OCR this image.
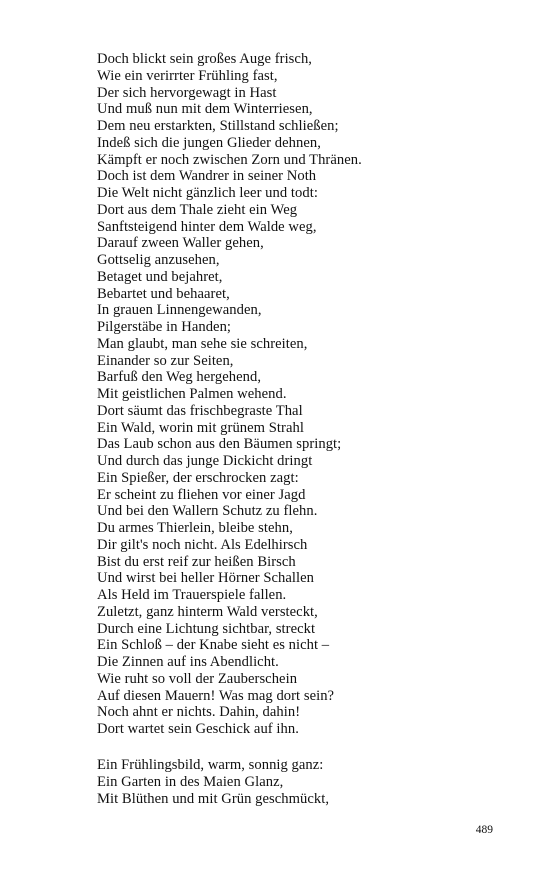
Doch blickt sein großes Auge frisch,
Wie ein verirrter Frühling fast,
Der sich hervorgewagt in Hast
Und muß nun mit dem Winterriesen,
Dem neu erstarkten, Stillstand schließen;
Indeß sich die jungen Glieder dehnen,
Kämpft er noch zwischen Zorn und Thränen.
Doch ist dem Wandrer in seiner Noth
Die Welt nicht gänzlich leer und todt:
Dort aus dem Thale zieht ein Weg
Sanftsteigend hinter dem Walde weg,
Darauf zween Waller gehen,
Gottselig anzusehen,
Betaget und bejahret,
Bebartet und behaaret,
In grauen Linnengewanden,
Pilgerstäbe in Handen;
Man glaubt, man sehe sie schreiten,
Einander so zur Seiten,
Barfuß den Weg hergehend,
Mit geistlichen Palmen wehend.
Dort säumt das frischbegraste Thal
Ein Wald, worin mit grünem Strahl
Das Laub schon aus den Bäumen springt;
Und durch das junge Dickicht dringt
Ein Spießer, der erschrocken zagt:
Er scheint zu fliehen vor einer Jagd
Und bei den Wallern Schutz zu flehn.
Du armes Thierlein, bleibe stehn,
Dir gilt's noch nicht. Als Edelhirsch
Bist du erst reif zur heißen Birsch
Und wirst bei heller Hörner Schallen
Als Held im Trauerspiele fallen.
Zuletzt, ganz hinterm Wald versteckt,
Durch eine Lichtung sichtbar, streckt
Ein Schloß – der Knabe sieht es nicht –
Die Zinnen auf ins Abendlicht.
Wie ruht so voll der Zauberschein
Auf diesen Mauern! Was mag dort sein?
Noch ahnt er nichts. Dahin, dahin!
Dort wartet sein Geschick auf ihn.
Ein Frühlingsbild, warm, sonnig ganz:
Ein Garten in des Maien Glanz,
Mit Blüthen und mit Grün geschmückt,
489
